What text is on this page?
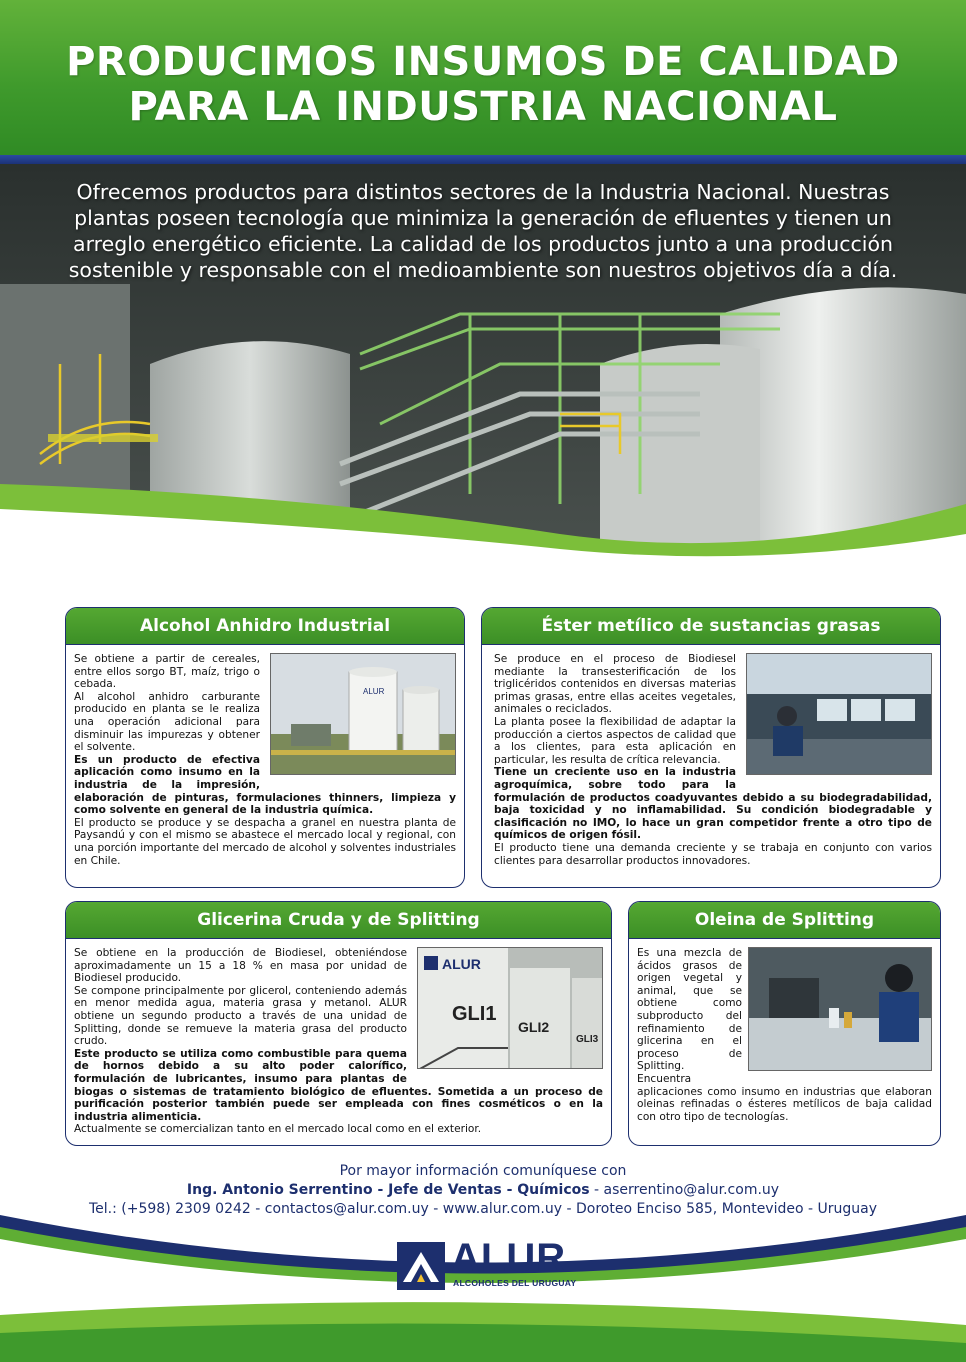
PRODUCIMOS INSUMOS DE CALIDAD
PARA LA INDUSTRIA NACIONAL
Ofrecemos productos para distintos sectores de la Industria Nacional. Nuestras plantas poseen tecnología que minimiza la generación de efluentes y tienen un arreglo energético eficiente. La calidad de los productos junto a una producción sostenible y responsable con el medioambiente son nuestros objetivos día a día.
Alcohol Anhidro Industrial
ALUR

Se obtiene a partir de cereales, entre ellos sorgo BT, maíz, trigo o cebada.

Al alcohol anhidro carburante producido en planta se le realiza una operación adicional para disminuir las impurezas y obtener el solvente.

Es un producto de efectiva aplicación como insumo en la industria de la impresión, elaboración de pinturas, formulaciones thinners, limpieza y como solvente en general de la industria química.

El producto se produce y se despacha a granel en nuestra planta de Paysandú y con el mismo se abastece el mercado local y regional, con una porción importante del mercado de alcohol y solventes industriales en Chile.

Éster metílico de sustancias grasas

Se produce en el proceso de Biodiesel mediante la transesterificación de los triglicéridos contenidos en diversas materias primas grasas, entre ellas aceites vegetales, animales o reciclados.

La planta posee la flexibilidad de adaptar la producción a ciertos aspectos de calidad que a los clientes, para esta aplicación en particular, les resulta de crítica relevancia.

Tiene un creciente uso en la industria agroquímica, sobre todo para la formulación de productos coadyuvantes debido a su biodegradabilidad, baja toxicidad y no inflamabilidad. Su condición biodegradable y clasificación no IMO, lo hace un gran competidor frente a otro tipo de químicos de origen fósil.

El producto tiene una demanda creciente y se trabaja en conjunto con varios clientes para desarrollar productos innovadores.

Glicerina Cruda y de Splitting
ALUR
GLI1
GLI2
GLI3

Se obtiene en la producción de Biodiesel, obteniéndose aproximadamente un 15 a 18 % en masa por unidad de Biodiesel producido.

Se compone principalmente por glicerol, conteniendo además en menor medida agua, materia grasa y metanol. ALUR obtiene un segundo producto a través de una unidad de Splitting, donde se remueve la materia grasa del producto crudo.

Este producto se utiliza como combustible para quema de hornos debido a su alto poder calorífico, formulación de lubricantes, insumo para plantas de biogas o sistemas de tratamiento biológico de efluentes. Sometida a un proceso de purificación posterior también puede ser empleada con fines cosméticos o en la industria alimenticia.

Actualmente se comercializan tanto en el mercado local como en el exterior.

Oleina de Splitting

Es una mezcla de ácidos grasos de origen vegetal y animal, que se obtiene como subproducto del refinamiento de glicerina en el proceso de Splitting.

Encuentra aplicaciones como insumo en industrias que elaboran oleinas refinadas o ésteres metílicos de baja calidad con otro tipo de tecnologías.

Por mayor información comuníquese con
Ing. Antonio Serrentino - Jefe de Ventas - Químicos - aserrentino@alur.com.uy
Tel.: (+598) 2309 0242 - contactos@alur.com.uy - www.alur.com.uy - Doroteo Enciso 585, Montevideo - Uruguay
ALUR
ALCOHOLES DEL URUGUAY
